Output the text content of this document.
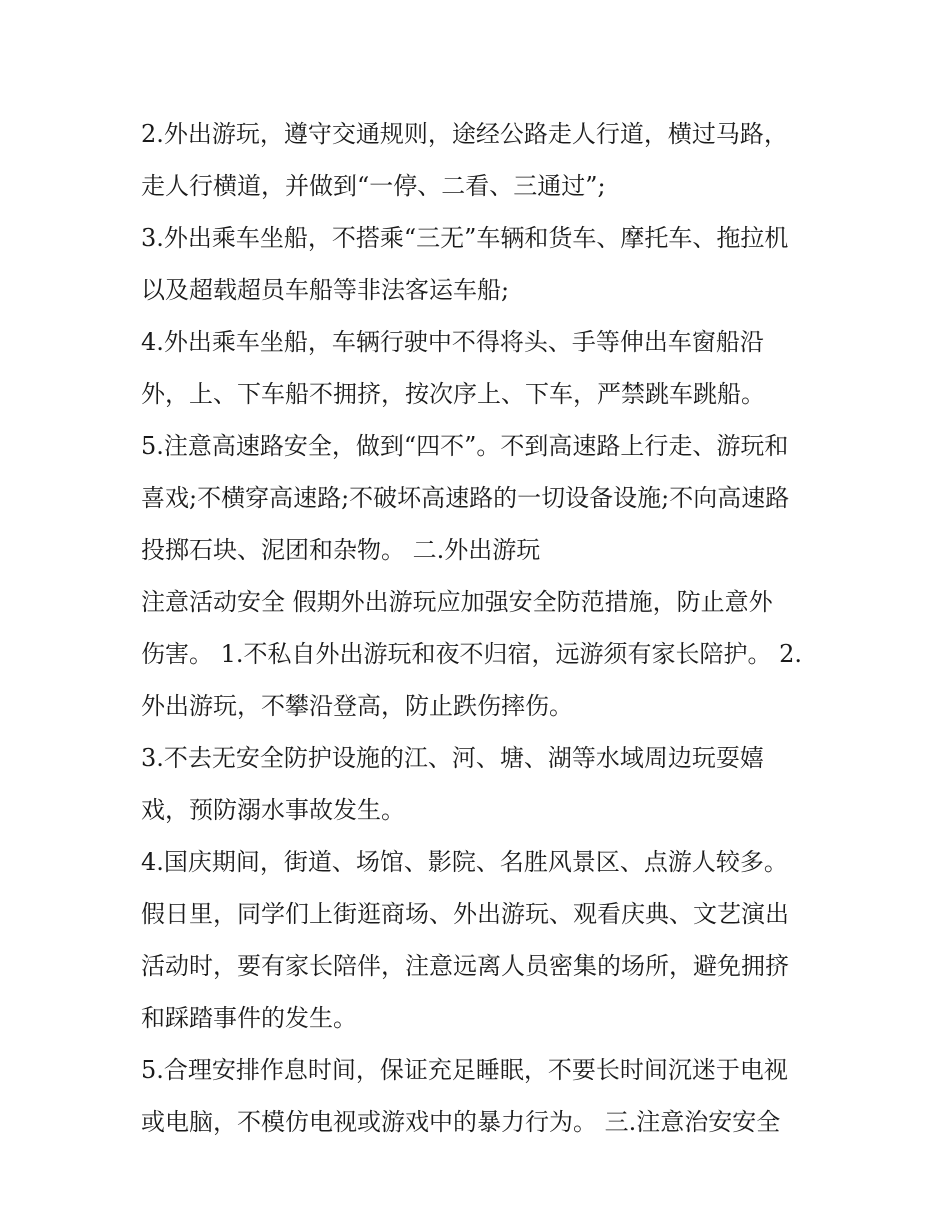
2.外出游玩，遵守交通规则，途经公路走人行道，横过马路，
走人行横道，并做到“一停、二看、三通过”;
3.外出乘车坐船，不搭乘“三无”车辆和货车、摩托车、拖拉机
以及超载超员车船等非法客运车船;
4.外出乘车坐船，车辆行驶中不得将头、手等伸出车窗船沿
外，上、下车船不拥挤，按次序上、下车，严禁跳车跳船。
5.注意高速路安全，做到“四不”。不到高速路上行走、游玩和
喜戏;不横穿高速路;不破坏高速路的一切设备设施;不向高速路
投掷石块、泥团和杂物。 二.外出游玩
注意活动安全 假期外出游玩应加强安全防范措施，防止意外
伤害。 1.不私自外出游玩和夜不归宿，远游须有家长陪护。 2.
外出游玩，不攀沿登高，防止跌伤摔伤。
3.不去无安全防护设施的江、河、塘、湖等水域周边玩耍嬉
戏，预防溺水事故发生。
4.国庆期间，街道、场馆、影院、名胜风景区、点游人较多。
假日里，同学们上街逛商场、外出游玩、观看庆典、文艺演出
活动时，要有家长陪伴，注意远离人员密集的场所，避免拥挤
和踩踏事件的发生。
5.合理安排作息时间，保证充足睡眠，不要长时间沉迷于电视
或电脑，不模仿电视或游戏中的暴力行为。 三.注意治安安全
